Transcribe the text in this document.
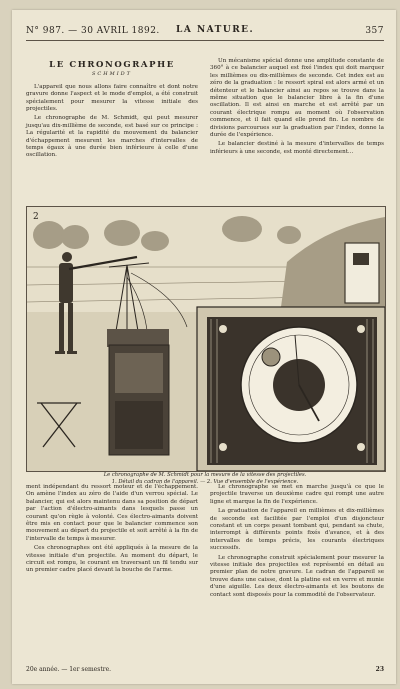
N° 987. — 30 AVRIL 1892. LA NATURE.	357
LE CHRONOGRAPHE
SCHMIDT

L'appareil que nous allons faire connaître et dont notre gravure donne l'aspect et le mode d'emploi, a été construit spécialement pour mesurer la vitesse initiale des projectiles.

Le chronographe de M. Schmidt, qui peut mesurer jusqu'au dix-millième de seconde, est basé sur ce principe : La régularité et la rapidité du mouvement du balancier d'échappement mesurent les marches d'intervalles de temps égaux à une durée bien inférieure à celle d'une oscillation.

Un mécanisme spécial donne une amplitude constante de 360° à ce balancier auquel est fixé l'index qui doit marquer les millièmes ou dix-millièmes de seconde. Cet index est au zéro de la graduation : le ressort spiral est alors armé et un détenteur et le balancier ainsi au repos se trouve dans la même situation que le balancier libre à la fin d'une oscillation. Il est ainsi en marche et est arrêté par un courant électrique rompu au moment où l'observation commence, et il fait quand elle prend fin. Le nombre de divisions parcourues sur la graduation par l'index, donne la durée de l'expérience.

Le balancier destiné à la mesure d'intervalles de temps inférieurs à une seconde, est monté directement...

2
Le chronographe de M. Schmidt pour la mesure de la vitesse des projectiles.
1. Détail du cadran de l'appareil. — 2. Vue d'ensemble de l'expérience.

ment indépendant du ressort moteur et de l'échappement. On amène l'index au zéro de l'aide d'un verrou spécial. Le balancier, qui est alors maintenu dans sa position de départ par l'action d'électro-aimants dans lesquels passe un courant qu'on règle à volonté. Ces électro-aimants doivent être mis en contact pour que le balancier commence son mouvement au départ du projectile et soit arrêté à la fin de l'intervalle de temps à mesurer.

Ces chronographes ont été appliqués à la mesure de la vitesse initiale d'un projectile. Au moment du départ, le circuit est rompu, le courant en traversant un fil tendu sur un premier cadre placé devant la bouche de l'arme.

Le chronographe se met en marche jusqu'à ce que le projectile traverse un deuxième cadre qui rompt une autre ligne et marque la fin de l'expérience.

La graduation de l'appareil en millièmes et dix-millièmes de seconde est facilitée par l'emploi d'un disjoncteur constant et un corps pesant tombant qui, pendant sa chute, interrompt à différents points fixés d'avance, et à des intervalles de temps précis, les courants électriques successifs.

Le chronographe construit spécialement pour mesurer la vitesse initiale des projectiles est représenté en détail au premier plan de notre gravure. Le cadran de l'appareil se trouve dans une caisse, dont la platine est en verre et munie d'une aiguille. Les deux électro-aimants et les boutons de contact sont disposés pour la commodité de l'observateur.

20e année. — 1er semestre.	23
